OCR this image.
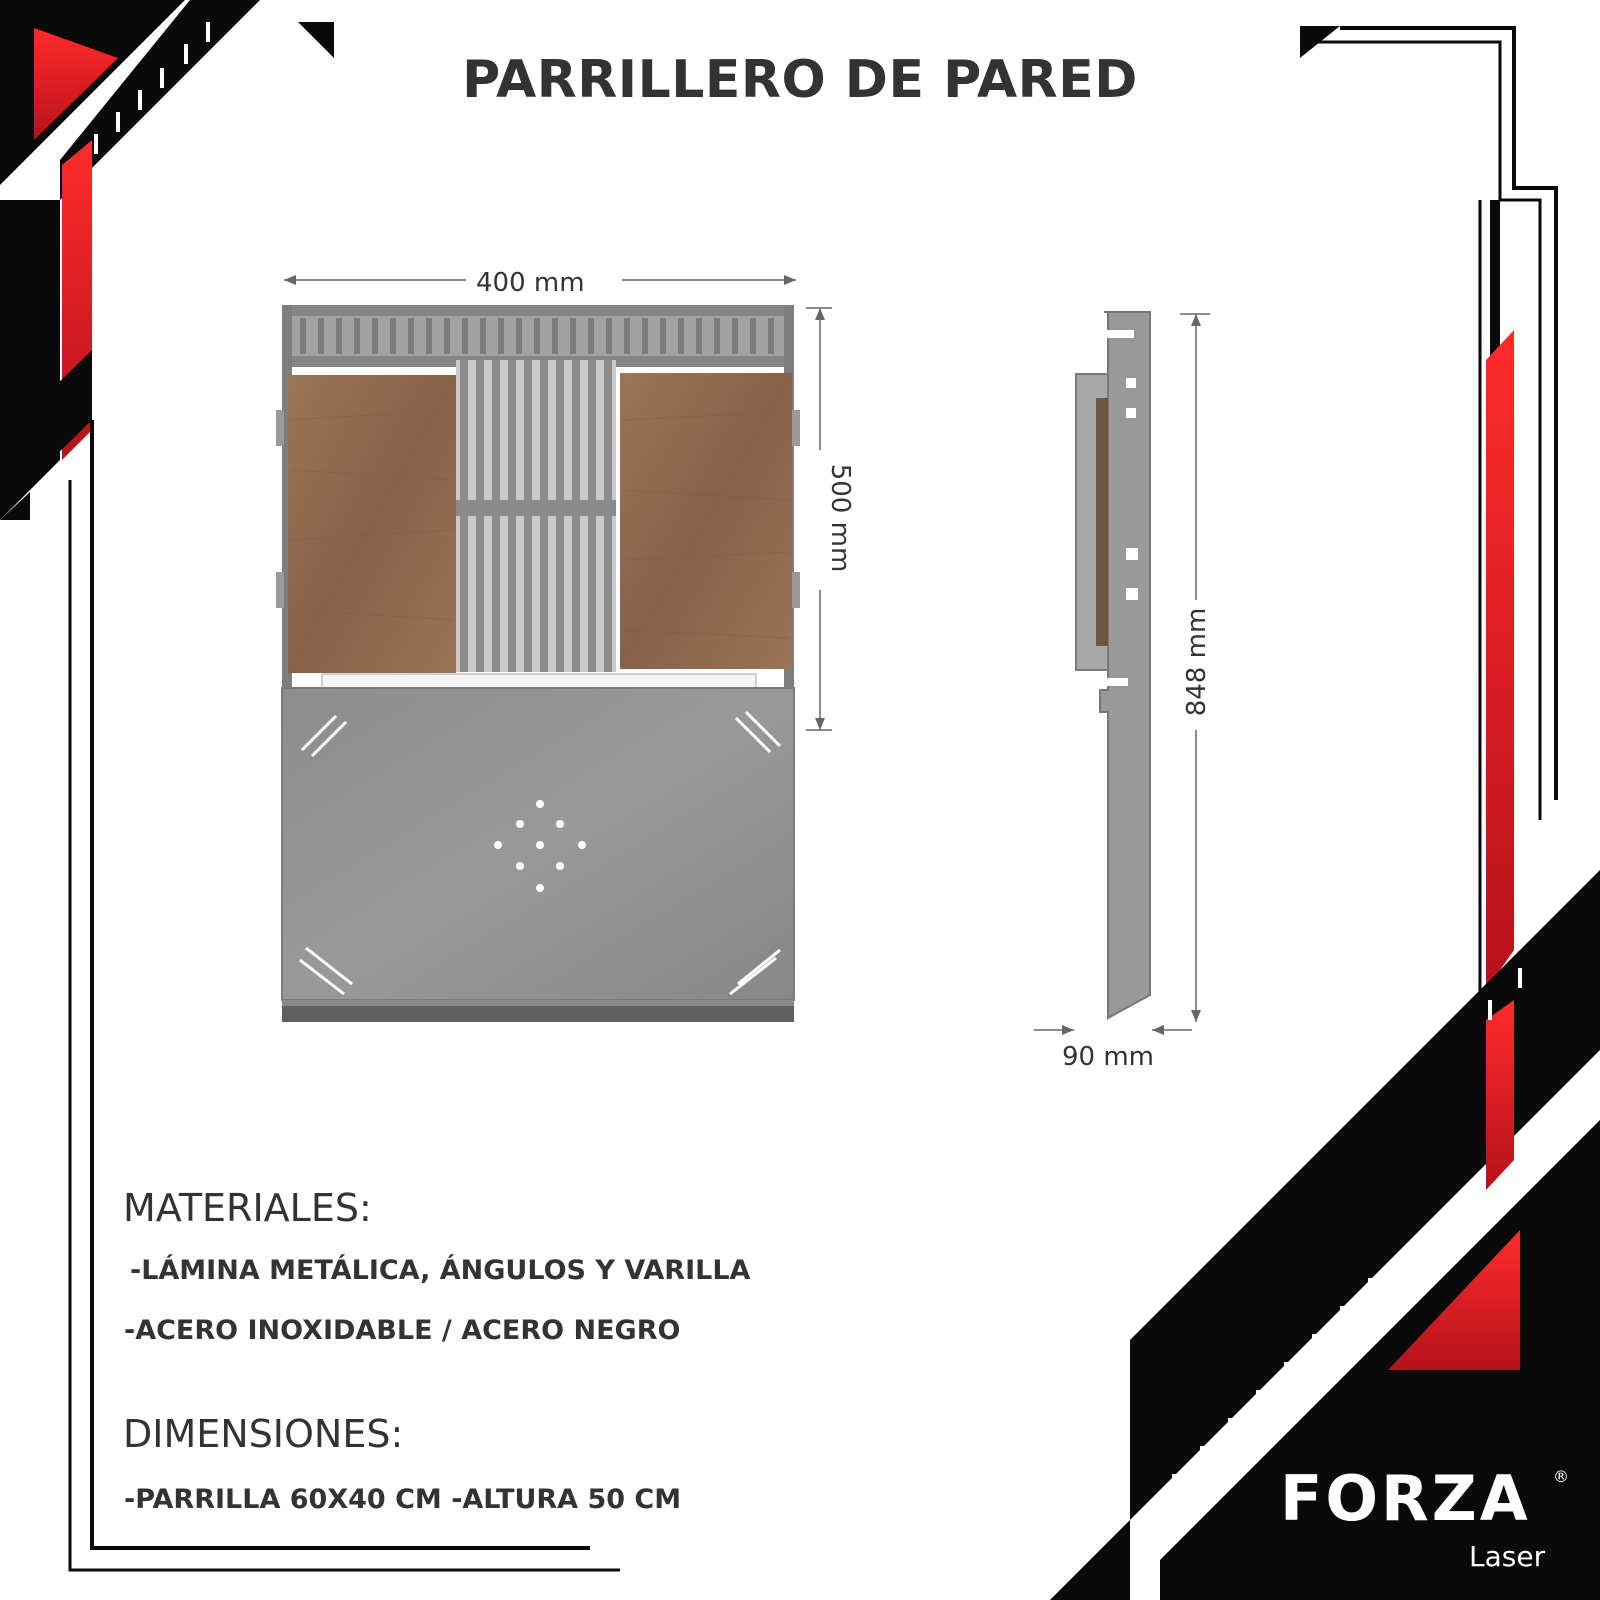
PARRILLERO DE PARED
400 mm
500 mm
848 mm
90 mm
MATERIALES:
-LÁMINA METÁLICA, ÁNGULOS Y VARILLA
-ACERO INOXIDABLE / ACERO NEGRO
DIMENSIONES:
-PARRILLA 60X40 CM -ALTURA 50 CM	FORZA ®
Laser
